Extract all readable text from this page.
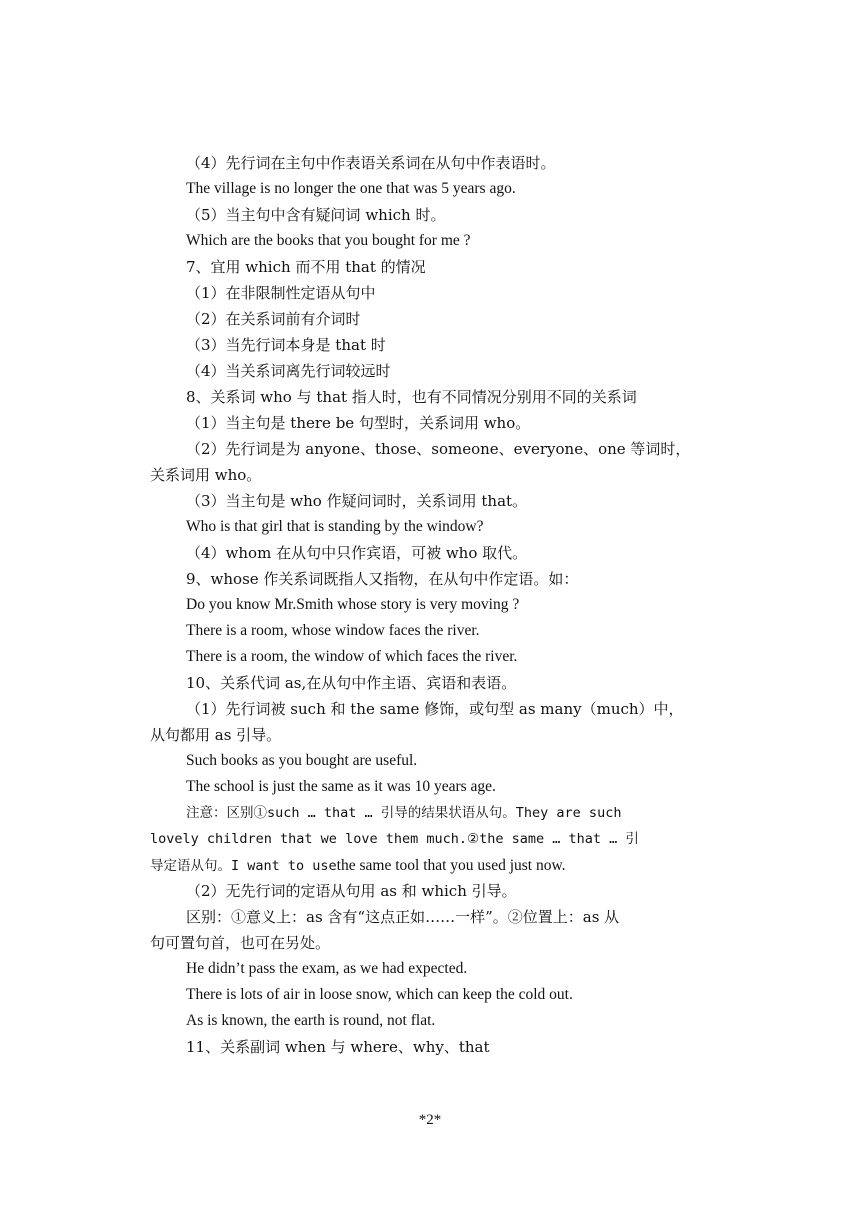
（4）先行词在主句中作表语关系词在从句中作表语时。
The village is no longer the one that was 5 years ago.
（5）当主句中含有疑问词 which 时。
Which are the books that you bought for me ?
7、宜用 which 而不用 that 的情况
（1）在非限制性定语从句中
（2）在关系词前有介词时
（3）当先行词本身是 that 时
（4）当关系词离先行词较远时
8、关系词 who 与 that 指人时，也有不同情况分别用不同的关系词
（1）当主句是 there be 句型时，关系词用 who。
（2）先行词是为 anyone、those、someone、everyone、one 等词时，
关系词用 who。
（3）当主句是 who 作疑问词时，关系词用 that。
Who is that girl that is standing by the window?
（4）whom 在从句中只作宾语，可被 who 取代。
9、whose 作关系词既指人又指物，在从句中作定语。如：
Do you know Mr.Smith whose story is very moving ?
There is a room, whose window faces the river.
There is a room, the window of which faces the river.
10、关系代词 as,在从句中作主语、宾语和表语。
（1）先行词被 such 和 the same 修饰，或句型 as many（much）中，
从句都用 as 引导。
Such books as you bought are useful.
The school is just the same as it was 10 years age.
注意：区别①such … that … 引导的结果状语从句。They are such
lovely children that we love them much.②the same … that … 引
导定语从句。I want to usethe same tool that you used just now.
（2）无先行词的定语从句用 as 和 which 引导。
区别：①意义上：as 含有“这点正如……一样”。②位置上：as 从
句可置句首，也可在另处。
He didn’t pass the exam, as we had expected.
There is lots of air in loose snow, which can keep the cold out.
As is known, the earth is round, not flat.
11、关系副词 when 与 where、why、that
*2*
